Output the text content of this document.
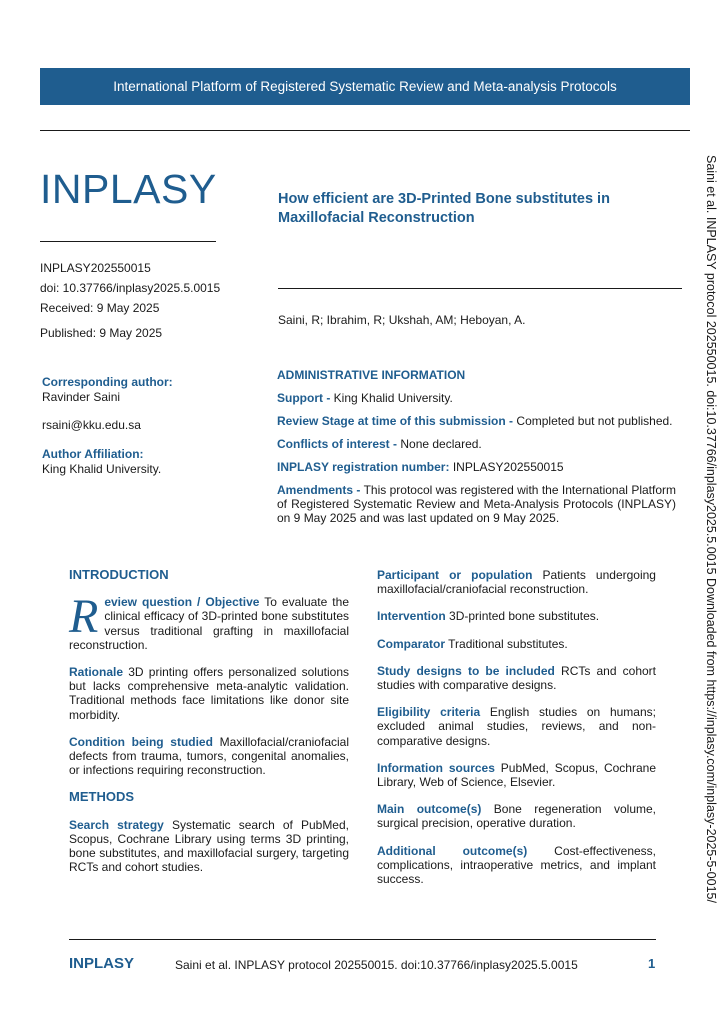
International Platform of Registered Systematic Review and Meta-analysis Protocols
INPLASY	How efficient are 3D-Printed Bone substitutes in Maxillofacial Reconstruction
INPLASY202550015
doi: 10.37766/inplasy2025.5.0015
Received: 9 May 2025
Published: 9 May 2025
Saini, R; Ibrahim, R; Ukshah, AM; Heboyan, A.
Corresponding author:
Ravinder Saini
rsaini@kku.edu.sa
Author Affiliation:
King Khalid University.
ADMINISTRATIVE INFORMATION
Support - King Khalid University.
Review Stage at time of this submission - Completed but not published.
Conflicts of interest - None declared.
INPLASY registration number: INPLASY202550015
Amendments - This protocol was registered with the International Platform of Registered Systematic Review and Meta-Analysis Protocols (INPLASY) on 9 May 2025 and was last updated on 9 May 2025.	Saini et al. INPLASY protocol 202550015. doi:10.37766/inplasy2025.5.0015 Downloaded from https://inplasy.com/inplasy-2025-5-0015/
INTRODUCTION
Review question / Objective To evaluate the clinical efficacy of 3D-printed bone substitutes versus traditional grafting in maxillofacial reconstruction.
Rationale 3D printing offers personalized solutions but lacks comprehensive meta-analytic validation. Traditional methods face limitations like donor site morbidity.
Condition being studied Maxillofacial/craniofacial defects from trauma, tumors, congenital anomalies, or infections requiring reconstruction.
METHODS
Search strategy Systematic search of PubMed, Scopus, Cochrane Library using terms 3D printing, bone substitutes, and maxillofacial surgery, targeting RCTs and cohort studies.
Participant or population Patients undergoing maxillofacial/craniofacial reconstruction.
Intervention 3D-printed bone substitutes.
Comparator Traditional substitutes.
Study designs to be included RCTs and cohort studies with comparative designs.
Eligibility criteria English studies on humans; excluded animal studies, reviews, and non-comparative designs.
Information sources PubMed, Scopus, Cochrane Library, Web of Science, Elsevier.
Main outcome(s) Bone regeneration volume, surgical precision, operative duration.
Additional outcome(s) Cost-effectiveness, complications, intraoperative metrics, and implant success.
INPLASY	Saini et al. INPLASY protocol 202550015. doi:10.37766/inplasy2025.5.0015	1
